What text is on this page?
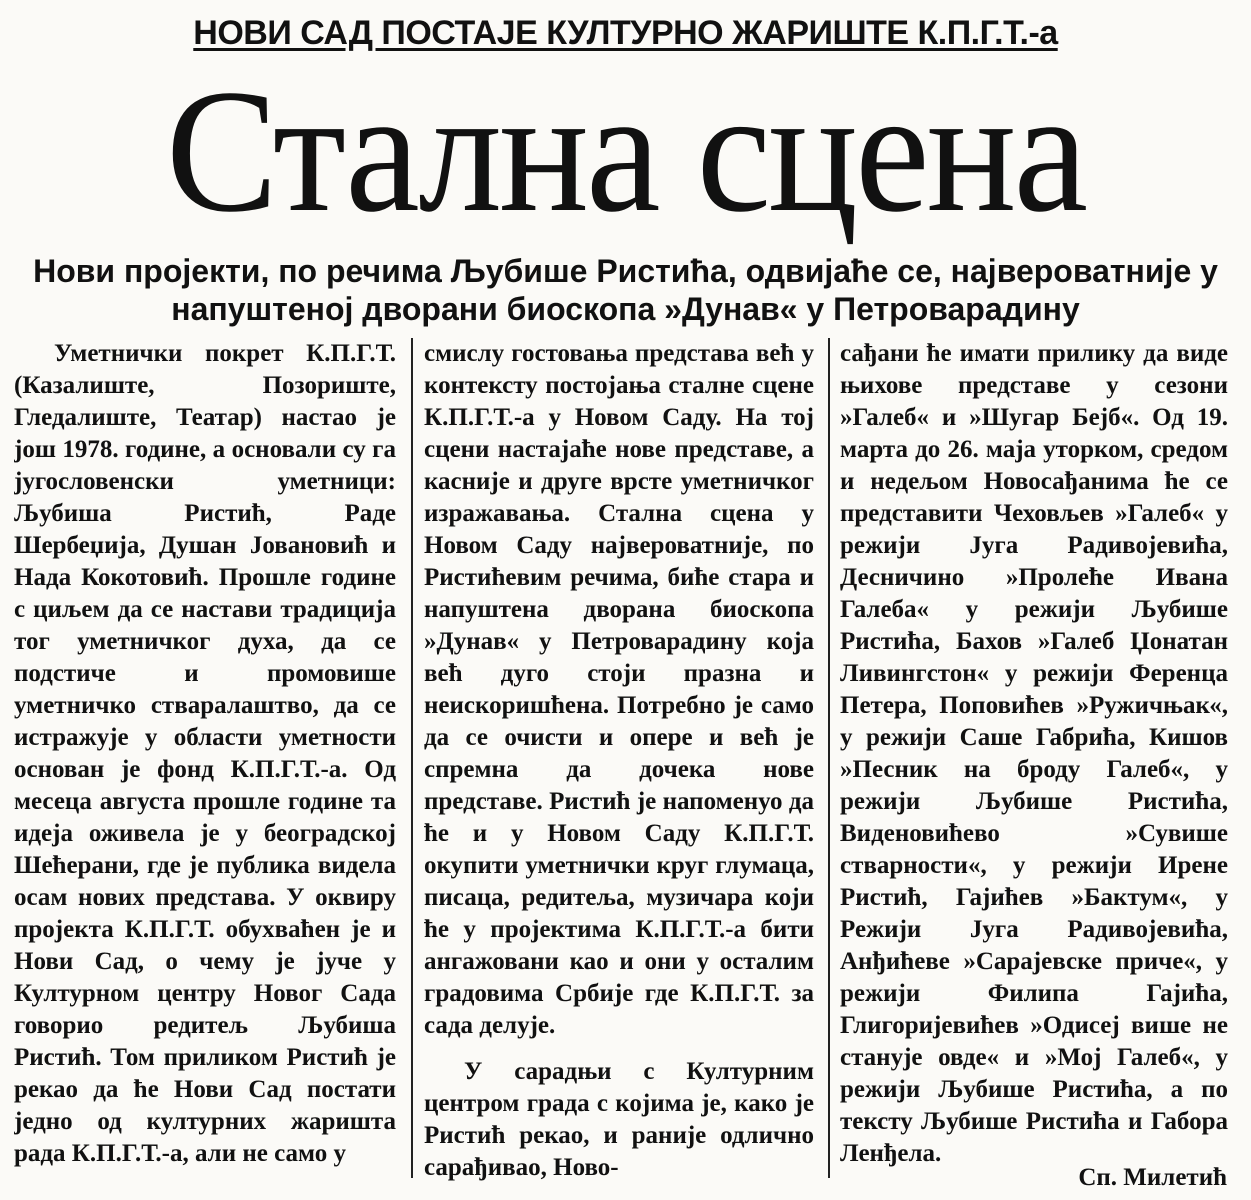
НОВИ САД ПОСТАЈЕ КУЛТУРНО ЖАРИШТЕ К.П.Г.Т.-а
Стална сцена
Нови пројекти, по речима Љубише Ристића, одвијаће се, највероватније у напуштеној дворани биоскопа »Дунав« у Петроварадину

Уметнички покрет К.П.Г.Т. (Казалиште, Позориште, Гледалиште, Театар) настао је још 1978. године, а основали су га југословенски уметници: Љубиша Ристић, Раде Шербеџија, Душан Јовановић и Нада Кокотовић. Прошле године с циљем да се настави традиција тог уметничког духа, да се подстиче и промовише уметничко стваралаштво, да се истражује у области уметности основан је фонд К.П.Г.Т.-а. Од месеца августа прошле године та идеја оживела је у београдској Шећерани, где је публика видела осам нових представа. У оквиру пројекта К.П.Г.Т. обухваћен је и Нови Сад, о чему је јуче у Културном центру Новог Сада говорио редитељ Љубиша Ристић. Том приликом Ристић је рекао да ће Нови Сад постати једно од културних жаришта рада К.П.Г.Т.-а, али не само у

смислу гостовања представа већ у контексту постојања сталне сцене К.П.Г.Т.-а у Новом Саду. На тој сцени настајаће нове представе, а касније и друге врсте уметничког изражавања. Стална сцена у Новом Саду највероватније, по Ристићевим речима, биће стара и напуштена дворана биоскопа »Дунав« у Петроварадину која већ дуго стоји празна и неискоришћена. Потребно је само да се очисти и опере и већ је спремна да дочека нове представе. Ристић је напоменуо да ће и у Новом Саду К.П.Г.Т. окупити уметнички круг глумаца, писаца, редитеља, музичара који ће у пројектима К.П.Г.Т.-а бити ангажовани као и они у осталим градовима Србије где К.П.Г.Т. за сада делује.

У сарадњи с Културним центром града с којима је, како је Ристић рекао, и раније одлично сарађивао, Ново-

сађани ће имати прилику да виде њихове представе у сезони »Галеб« и »Шугар Бејб«. Од 19. марта до 26. маја уторком, средом и недељом Новосађанима ће се представити Чеховљев »Галеб« у режији Југа Радивојевића, Десничино »Пролеће Ивана Галеба« у режији Љубише Ристића, Бахов »Галеб Џонатан Ливингстон« у режији Ференца Петера, Поповићев »Ружичњак«, у режији Саше Габрића, Кишов »Песник на броду Галеб«, у режији Љубише Ристића, Виденовићево »Сувише стварности«, у режији Ирене Ристић, Гајићев »Бактум«, у Режији Југа Радивојевића, Анђићеве »Сарајевске приче«, у режији Филипа Гајића, Глигоријевићев »Одисеј више не станује овде« и »Мој Галеб«, у режији Љубише Ристића, а по тексту Љубише Ристића и Габора Ленђела.

Сп. Милетић
